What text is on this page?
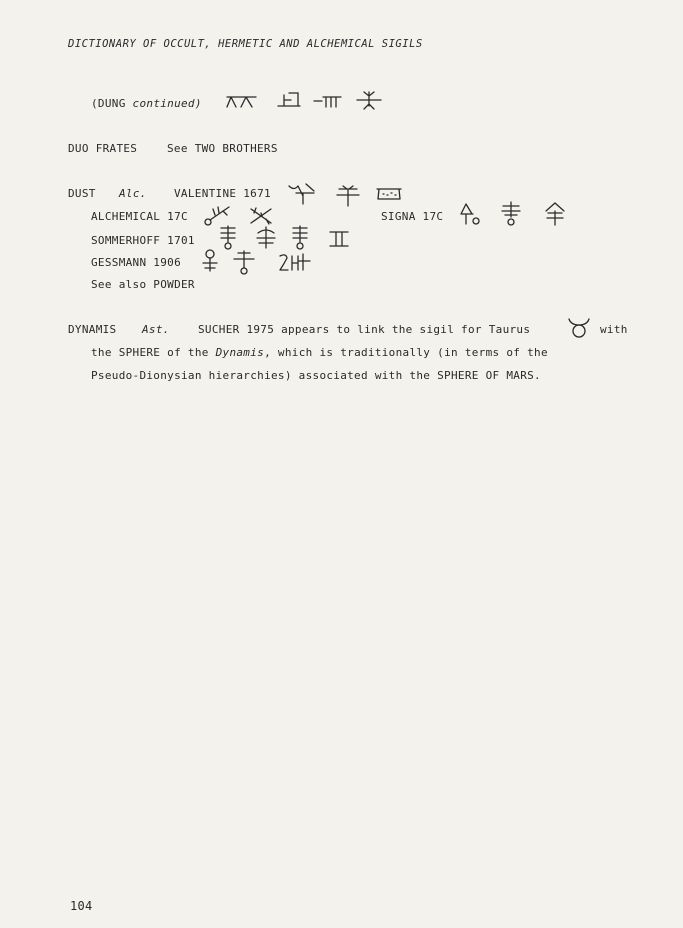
DICTIONARY OF OCCULT, HERMETIC AND ALCHEMICAL SIGILS
(DUNG continued)
DUO FRATES	See TWO BROTHERS
DUST Alc. VALENTINE 1671
ALCHEMICAL 17C	SIGNA 17C
SOMMERHOFF 1701
GESSMANN 1906
See also POWDER
DYNAMIS Ast.	SUCHER 1975 appears to link the sigil for Taurus	with
the SPHERE of the Dynamis, which is traditionally (in terms of the
Pseudo-Dionysian hierarchies) associated with the SPHERE OF MARS.
104
